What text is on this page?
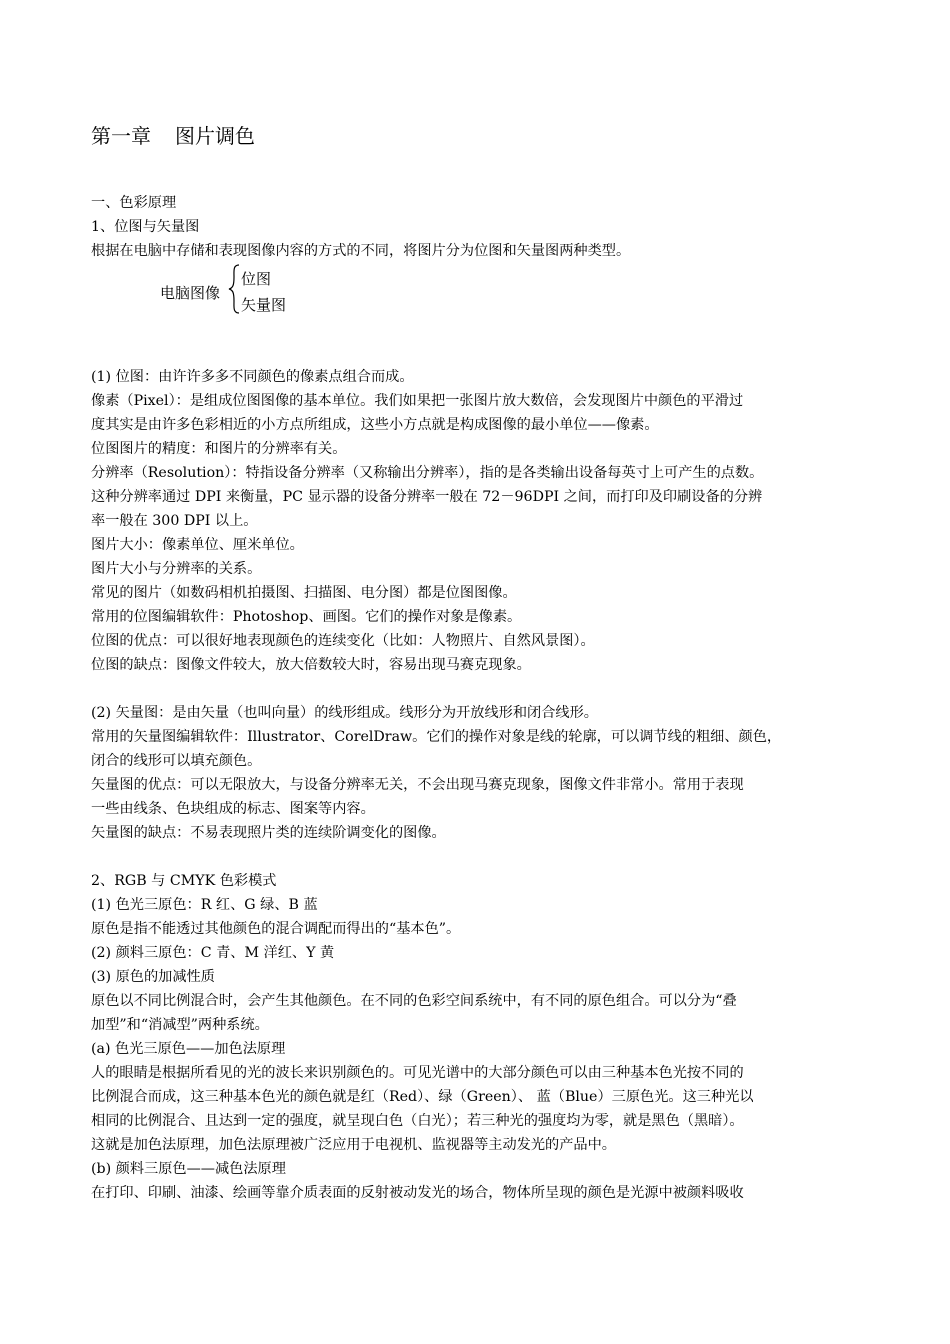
第一章 图片调色
一、色彩原理
1、位图与矢量图
根据在电脑中存储和表现图像内容的方式的不同，将图片分为位图和矢量图两种类型。
电脑图像
位图
矢量图
(1) 位图：由许许多多不同颜色的像素点组合而成。
像素（Pixel）：是组成位图图像的基本单位。我们如果把一张图片放大数倍，会发现图片中颜色的平滑过
度其实是由许多色彩相近的小方点所组成，这些小方点就是构成图像的最小单位——像素。
位图图片的精度：和图片的分辨率有关。
分辨率（Resolution）：特指设备分辨率（又称输出分辨率），指的是各类输出设备每英寸上可产生的点数。
这种分辨率通过 DPI 来衡量，PC 显示器的设备分辨率一般在 72－96DPI 之间，而打印及印刷设备的分辨
率一般在 300 DPI 以上。
图片大小：像素单位、厘米单位。
图片大小与分辨率的关系。
常见的图片（如数码相机拍摄图、扫描图、电分图）都是位图图像。
常用的位图编辑软件：Photoshop、画图。它们的操作对象是像素。
位图的优点：可以很好地表现颜色的连续变化（比如：人物照片、自然风景图）。
位图的缺点：图像文件较大，放大倍数较大时，容易出现马赛克现象。
(2) 矢量图：是由矢量（也叫向量）的线形组成。线形分为开放线形和闭合线形。
常用的矢量图编辑软件：Illustrator、CorelDraw。它们的操作对象是线的轮廓，可以调节线的粗细、颜色，
闭合的线形可以填充颜色。
矢量图的优点：可以无限放大，与设备分辨率无关，不会出现马赛克现象，图像文件非常小。常用于表现
一些由线条、色块组成的标志、图案等内容。
矢量图的缺点：不易表现照片类的连续阶调变化的图像。
2、RGB 与 CMYK 色彩模式
(1) 色光三原色：R 红、G 绿、B 蓝
原色是指不能透过其他颜色的混合调配而得出的“基本色”。
(2) 颜料三原色：C 青、M 洋红、Y 黄
(3) 原色的加减性质
原色以不同比例混合时，会产生其他颜色。在不同的色彩空间系统中，有不同的原色组合。可以分为“叠
加型”和“消减型”两种系统。
(a) 色光三原色——加色法原理
人的眼睛是根据所看见的光的波长来识别颜色的。可见光谱中的大部分颜色可以由三种基本色光按不同的
比例混合而成，这三种基本色光的颜色就是红（Red）、绿（Green）、 蓝（Blue）三原色光。这三种光以
相同的比例混合、且达到一定的强度，就呈现白色（白光）；若三种光的强度均为零，就是黑色（黑暗）。
这就是加色法原理，加色法原理被广泛应用于电视机、监视器等主动发光的产品中。
(b) 颜料三原色——减色法原理
在打印、印刷、油漆、绘画等靠介质表面的反射被动发光的场合，物体所呈现的颜色是光源中被颜料吸收
